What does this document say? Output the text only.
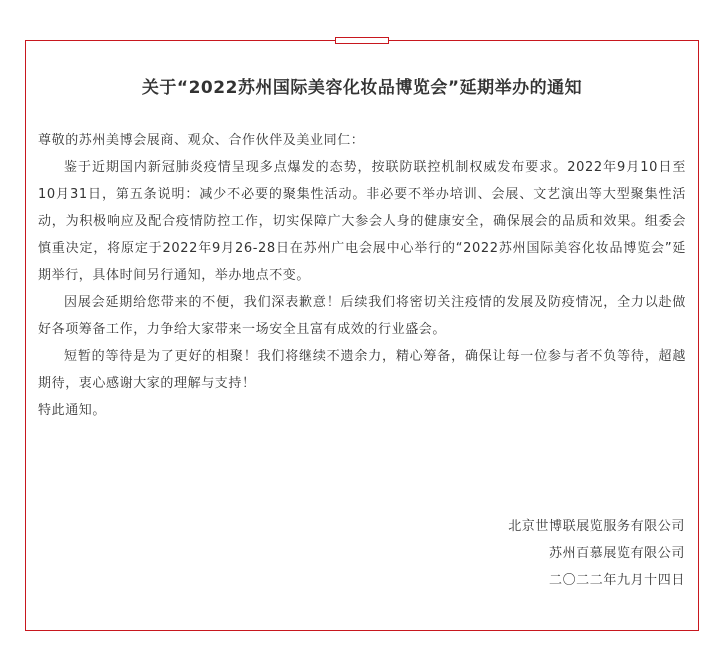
关于“2022苏州国际美容化妆品博览会”延期举办的通知

尊敬的苏州美博会展商、观众、合作伙伴及美业同仁：

鉴于近期国内新冠肺炎疫情呈现多点爆发的态势，按联防联控机制权威发布要求。2022年9月10日至10月31日，第五条说明：减少不必要的聚集性活动。非必要不举办培训、会展、文艺演出等大型聚集性活动，为积极响应及配合疫情防控工作，切实保障广大参会人身的健康安全，确保展会的品质和效果。组委会慎重决定，将原定于2022年9月26-28日在苏州广电会展中心举行的“2022苏州国际美容化妆品博览会”延期举行，具体时间另行通知，举办地点不变。

因展会延期给您带来的不便，我们深表歉意！后续我们将密切关注疫情的发展及防疫情况，全力以赴做好各项筹备工作，力争给大家带来一场安全且富有成效的行业盛会。

短暂的等待是为了更好的相聚！我们将继续不遗余力，精心筹备，确保让每一位参与者不负等待，超越期待，衷心感谢大家的理解与支持！

特此通知。

北京世博联展览服务有限公司
苏州百慕展览有限公司
二〇二二年九月十四日
